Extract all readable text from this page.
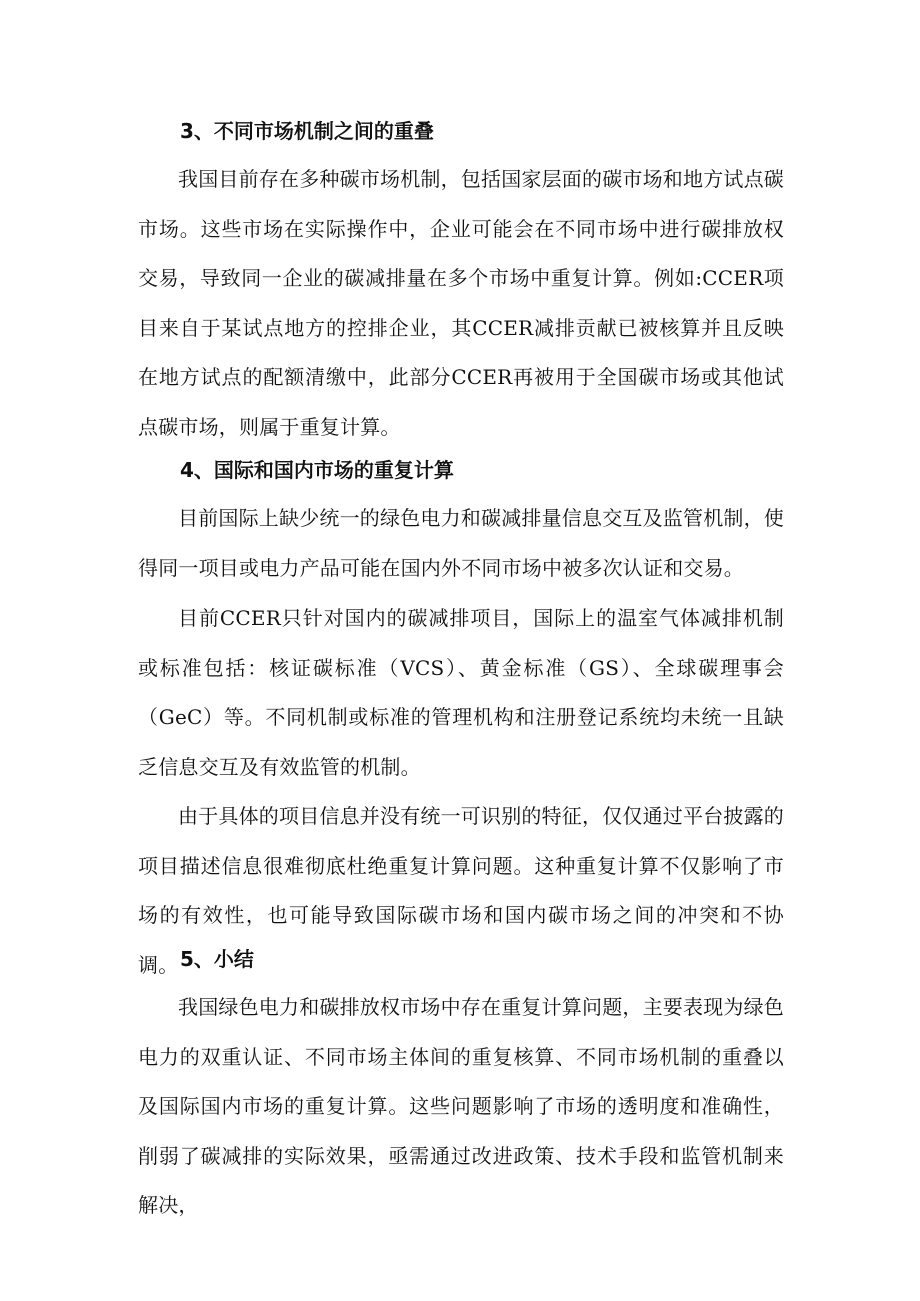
3、不同市场机制之间的重叠
我国目前存在多种碳市场机制，包括国家层面的碳市场和地方试点碳市场。这些市场在实际操作中，企业可能会在不同市场中进行碳排放权交易，导致同一企业的碳减排量在多个市场中重复计算。例如:CCER项目来自于某试点地方的控排企业，其CCER减排贡献已被核算并且反映在地方试点的配额清缴中，此部分CCER再被用于全国碳市场或其他试点碳市场，则属于重复计算。
4、国际和国内市场的重复计算
目前国际上缺少统一的绿色电力和碳减排量信息交互及监管机制，使得同一项目或电力产品可能在国内外不同市场中被多次认证和交易。
目前CCER只针对国内的碳减排项目，国际上的温室气体减排机制或标准包括：核证碳标准（VCS）、黄金标准（GS）、全球碳理事会（GeC）等。不同机制或标准的管理机构和注册登记系统均未统一且缺乏信息交互及有效监管的机制。
由于具体的项目信息并没有统一可识别的特征，仅仅通过平台披露的项目描述信息很难彻底杜绝重复计算问题。这种重复计算不仅影响了市场的有效性，也可能导致国际碳市场和国内碳市场之间的冲突和不协调。 5、小结
我国绿色电力和碳排放权市场中存在重复计算问题，主要表现为绿色电力的双重认证、不同市场主体间的重复核算、不同市场机制的重叠以及国际国内市场的重复计算。这些问题影响了市场的透明度和准确性，削弱了碳减排的实际效果，亟需通过改进政策、技术手段和监管机制来解决，
